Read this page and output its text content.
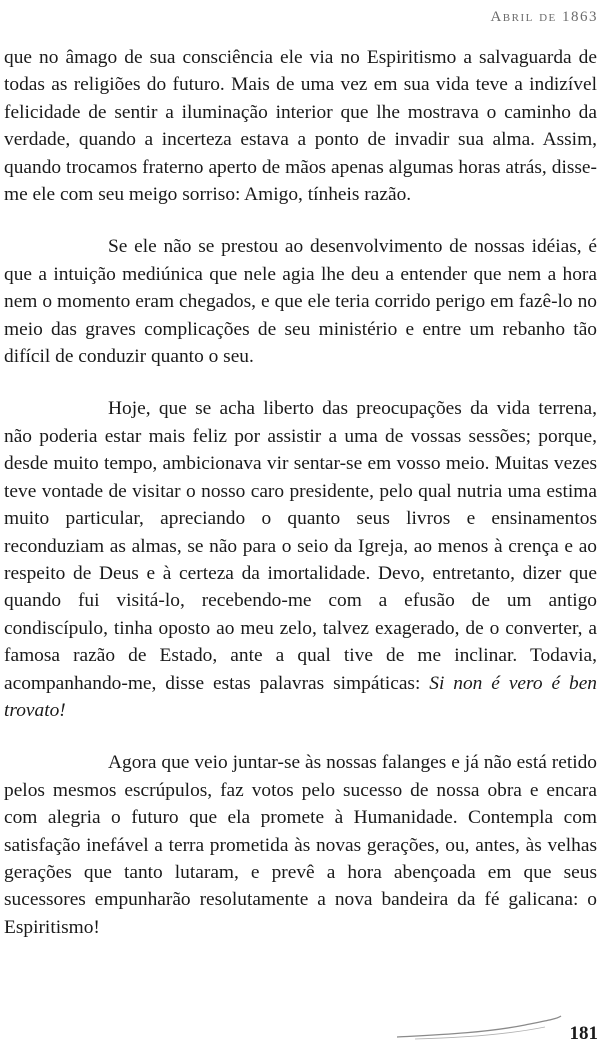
Abril de 1863

que no âmago de sua consciência ele via no Espiritismo a salvaguarda de todas as religiões do futuro. Mais de uma vez em sua vida teve a indizível felicidade de sentir a iluminação interior que lhe mostrava o caminho da verdade, quando a incerteza estava a ponto de invadir sua alma. Assim, quando trocamos fraterno aperto de mãos apenas algumas horas atrás, disse-me ele com seu meigo sorriso: Amigo, tínheis razão.

Se ele não se prestou ao desenvolvimento de nossas idéias, é que a intuição mediúnica que nele agia lhe deu a entender que nem a hora nem o momento eram chegados, e que ele teria corrido perigo em fazê-lo no meio das graves complicações de seu ministério e entre um rebanho tão difícil de conduzir quanto o seu.

Hoje, que se acha liberto das preocupações da vida terrena, não poderia estar mais feliz por assistir a uma de vossas sessões; porque, desde muito tempo, ambicionava vir sentar-se em vosso meio. Muitas vezes teve vontade de visitar o nosso caro presidente, pelo qual nutria uma estima muito particular, apreciando o quanto seus livros e ensinamentos reconduziam as almas, se não para o seio da Igreja, ao menos à crença e ao respeito de Deus e à certeza da imortalidade. Devo, entretanto, dizer que quando fui visitá-lo, recebendo-me com a efusão de um antigo condiscípulo, tinha oposto ao meu zelo, talvez exagerado, de o converter, a famosa razão de Estado, ante a qual tive de me inclinar. Todavia, acompanhando-me, disse estas palavras simpáticas: Si non é vero é ben trovato!

Agora que veio juntar-se às nossas falanges e já não está retido pelos mesmos escrúpulos, faz votos pelo sucesso de nossa obra e encara com alegria o futuro que ela promete à Humanidade. Contempla com satisfação inefável a terra prometida às novas gerações, ou, antes, às velhas gerações que tanto lutaram, e prevê a hora abençoada em que seus sucessores empunharão resolutamente a nova bandeira da fé galicana: o Espiritismo!

181
